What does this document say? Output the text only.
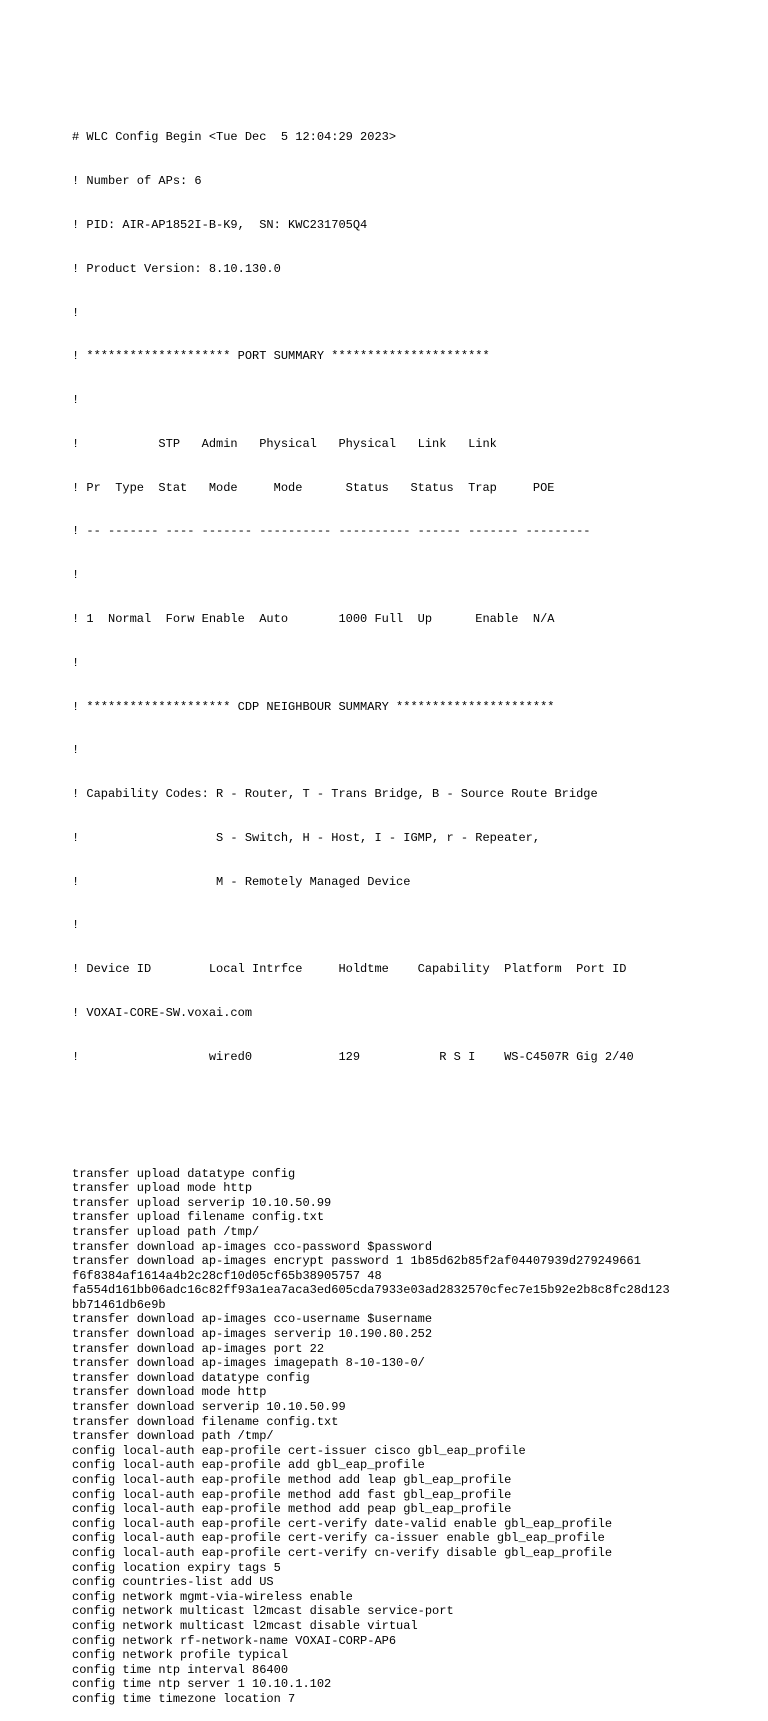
# WLC Config Begin <Tue Dec  5 12:04:29 2023>

! Number of APs: 6

! PID: AIR-AP1852I-B-K9,  SN: KWC231705Q4

! Product Version: 8.10.130.0

!

! ******************** PORT SUMMARY **********************

!

!           STP   Admin   Physical   Physical   Link   Link

! Pr  Type  Stat   Mode     Mode      Status   Status  Trap     POE

! -- ------- ---- ------- ---------- ---------- ------ ------- ---------

!

! 1  Normal  Forw Enable  Auto       1000 Full  Up      Enable  N/A

!

! ******************** CDP NEIGHBOUR SUMMARY **********************

!

! Capability Codes: R - Router, T - Trans Bridge, B - Source Route Bridge

!                   S - Switch, H - Host, I - IGMP, r - Repeater,

!                   M - Remotely Managed Device

!

! Device ID        Local Intrfce     Holdtme    Capability  Platform  Port ID

! VOXAI-CORE-SW.voxai.com

!                  wired0            129           R S I    WS-C4507R Gig 2/40

transfer upload datatype config
transfer upload mode http
transfer upload serverip 10.10.50.99
transfer upload filename config.txt
transfer upload path /tmp/
transfer download ap-images cco-password $password
transfer download ap-images encrypt password 1 1b85d62b85f2af04407939d279249661
f6f8384af1614a4b2c28cf10d05cf65b38905757 48
fa554d161bb06adc16c82ff93a1ea7aca3ed605cda7933e03ad2832570cfec7e15b92e2b8c8fc28d123
bb71461db6e9b
transfer download ap-images cco-username $username
transfer download ap-images serverip 10.190.80.252
transfer download ap-images port 22
transfer download ap-images imagepath 8-10-130-0/
transfer download datatype config
transfer download mode http
transfer download serverip 10.10.50.99
transfer download filename config.txt
transfer download path /tmp/
config local-auth eap-profile cert-issuer cisco gbl_eap_profile
config local-auth eap-profile add gbl_eap_profile
config local-auth eap-profile method add leap gbl_eap_profile
config local-auth eap-profile method add fast gbl_eap_profile
config local-auth eap-profile method add peap gbl_eap_profile
config local-auth eap-profile cert-verify date-valid enable gbl_eap_profile
config local-auth eap-profile cert-verify ca-issuer enable gbl_eap_profile
config local-auth eap-profile cert-verify cn-verify disable gbl_eap_profile
config location expiry tags 5
config countries-list add US
config network mgmt-via-wireless enable
config network multicast l2mcast disable service-port
config network multicast l2mcast disable virtual
config network rf-network-name VOXAI-CORP-AP6
config network profile typical
config time ntp interval 86400
config time ntp server 1 10.10.1.102
config time timezone location 7
